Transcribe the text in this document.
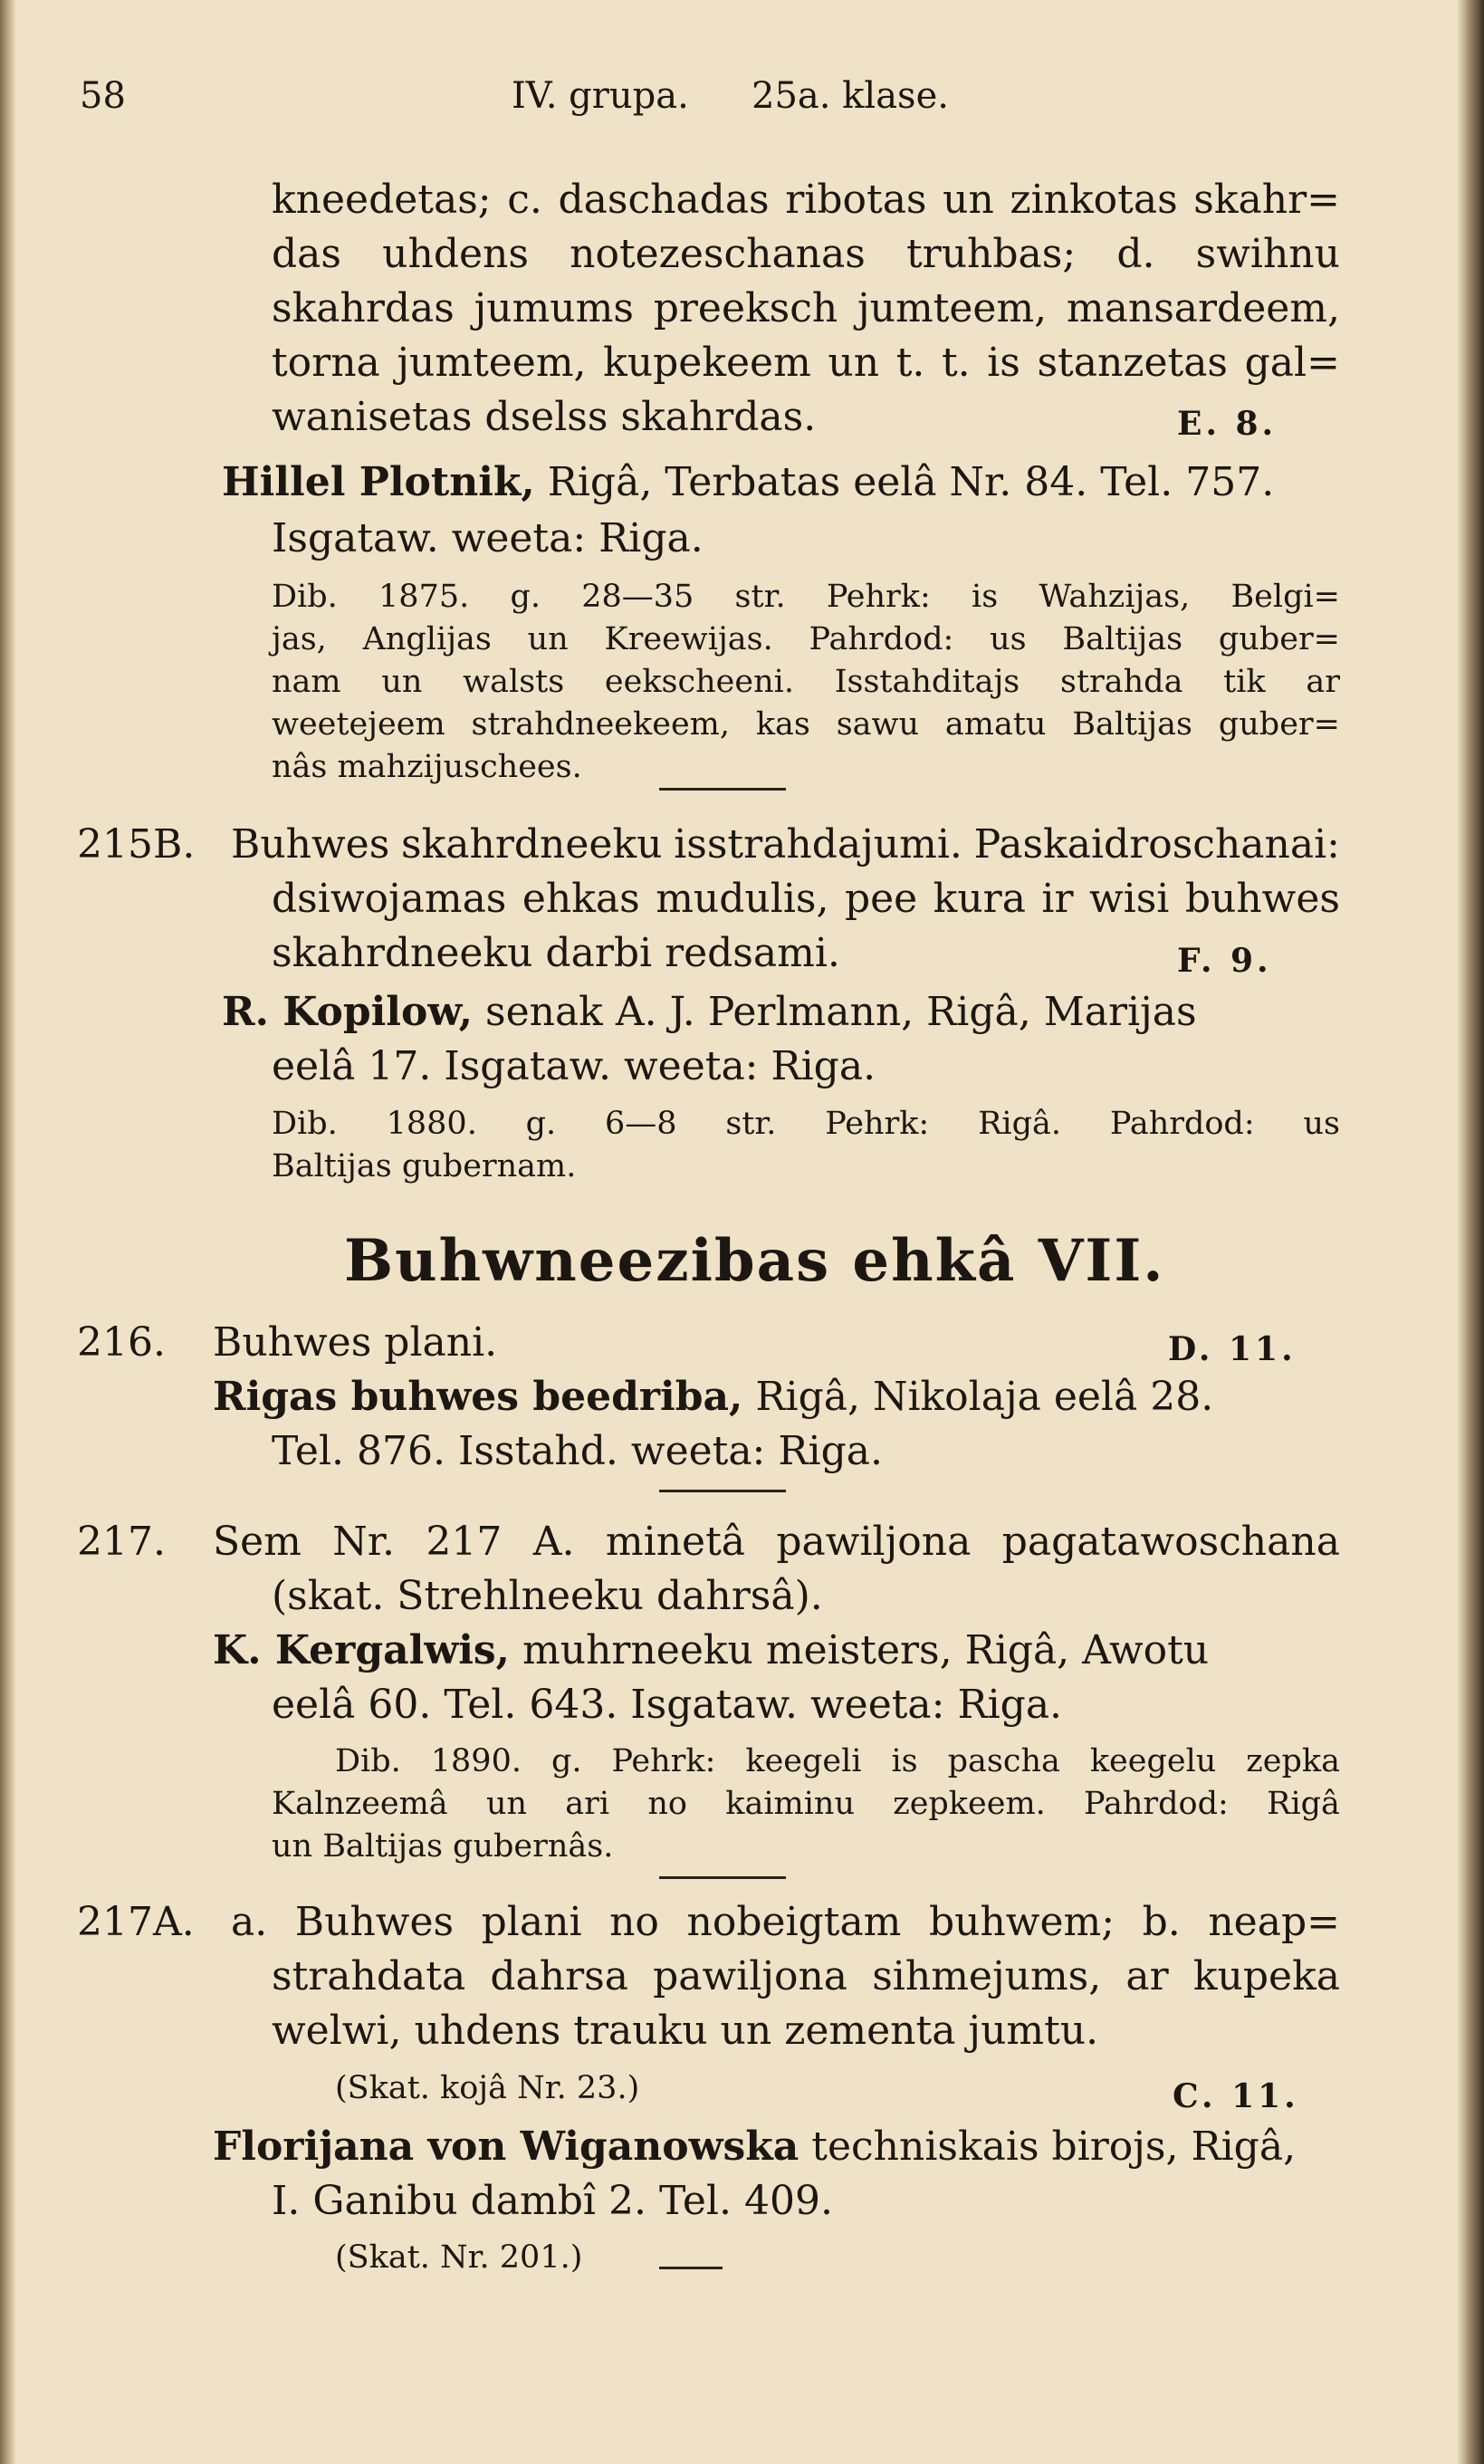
58	IV. grupa. 25a. klase.
kneedetas; c. daschadas ribotas un zinkotas skahr=
das uhdens notezeschanas truhbas; d. swihnu
skahrdas jumums preeksch jumteem, mansardeem,
torna jumteem, kupekeem un t. t. is stanzetas gal=
wanisetas dselss skahrdas.	E. 8.
Hillel Plotnik, Rigâ, Terbatas eelâ Nr. 84. Tel. 757.
Isgataw. weeta: Riga.
Dib. 1875. g. 28—35 str. Pehrk: is Wahzijas, Belgi=
jas, Anglijas un Kreewijas. Pahrdod: us Baltijas guber=
nam un walsts eekscheeni. Isstahditajs strahda tik ar
weetejeem strahdneekeem, kas sawu amatu Baltijas guber=
nâs mahzijuschees.
215B. Buhwes skahrdneeku isstrahdajumi. Paskaidroschanai:
dsiwojamas ehkas mudulis, pee kura ir wisi buhwes
skahrdneeku darbi redsami.	F. 9.
R. Kopilow, senak A. J. Perlmann, Rigâ, Marijas
eelâ 17. Isgataw. weeta: Riga.
Dib. 1880. g. 6—8 str. Pehrk: Rigâ. Pahrdod: us
Baltijas gubernam.
Buhwneezibas ehkâ VII.
216. Buhwes plani.	D. 11.
Rigas buhwes beedriba, Rigâ, Nikolaja eelâ 28.
Tel. 876. Isstahd. weeta: Riga.
217. Sem Nr. 217 A. minetâ pawiljona pagatawoschana
(skat. Strehlneeku dahrsâ).
K. Kergalwis, muhrneeku meisters, Rigâ, Awotu
eelâ 60. Tel. 643. Isgataw. weeta: Riga.
Dib. 1890. g. Pehrk: keegeli is pascha keegelu zepka
Kalnzeemâ un ari no kaiminu zepkeem. Pahrdod: Rigâ
un Baltijas gubernâs.
217A. a. Buhwes plani no nobeigtam buhwem; b. neap=
strahdata dahrsa pawiljona sihmejums, ar kupeka
welwi, uhdens trauku un zementa jumtu.
(Skat. kojâ Nr. 23.)	C. 11.
Florijana von Wiganowska techniskais birojs, Rigâ,
I. Ganibu dambî 2. Tel. 409.
(Skat. Nr. 201.)
